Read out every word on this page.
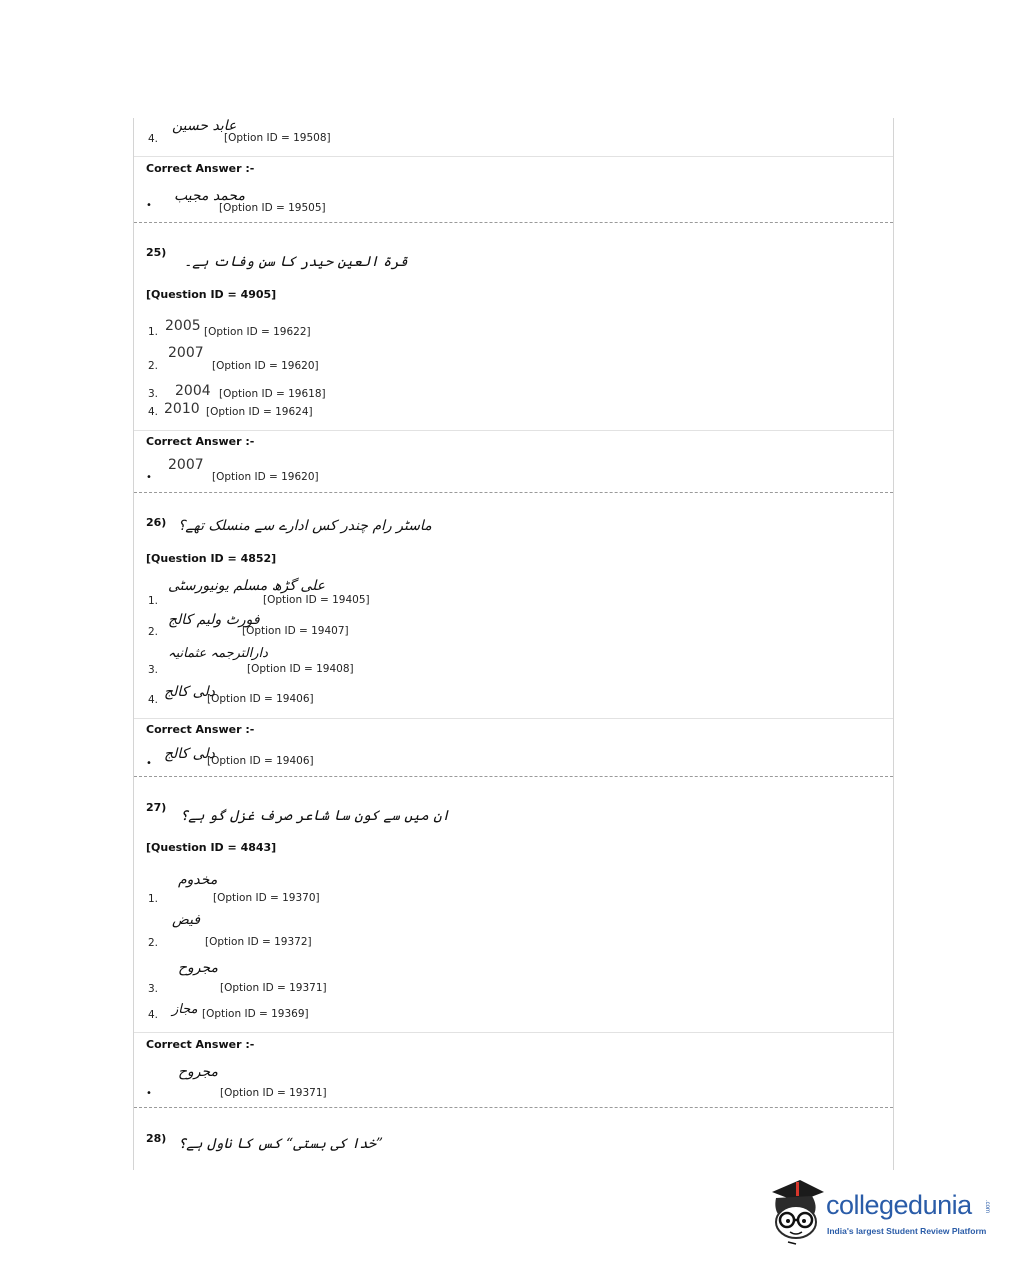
4.
عابد حسین
[Option ID = 19508]
Correct Answer :-
•
محمد مجیب
[Option ID = 19505]
25)
قرۃ العین حیدر کا سن وفات ہے۔
[Question ID = 4905]
1. 2005 [Option ID = 19622]
2.
2007
[Option ID = 19620]
3. 2004 [Option ID = 19618]
4. 2010 [Option ID = 19624]
Correct Answer :-
•
2007
[Option ID = 19620]
26) ماسٹر رام چندر کس ادارے سے منسلک تھے؟
[Question ID = 4852]
1.
علی گڑھ مسلم یونیورسٹی
[Option ID = 19405]
2.
فورٹ ولیم کالج
[Option ID = 19407]
3.
دارالترجمہ عثمانیہ
[Option ID = 19408]
4. دلی کالج
[Option ID = 19406]
Correct Answer :-
•
دلی کالج
[Option ID = 19406]
27)
ان میں سے کون سا شاعر صرف غزل گو ہے؟
[Question ID = 4843]
1.
مخدوم
[Option ID = 19370]
2.
فیض
[Option ID = 19372]
3.
مجروح
[Option ID = 19371]
4. مجاز [Option ID = 19369]
Correct Answer :-
•
مجروح
[Option ID = 19371]
28) ”خدا کی بستی“ کس کا ناول ہے؟
collegedunia .com
India's largest Student Review Platform
